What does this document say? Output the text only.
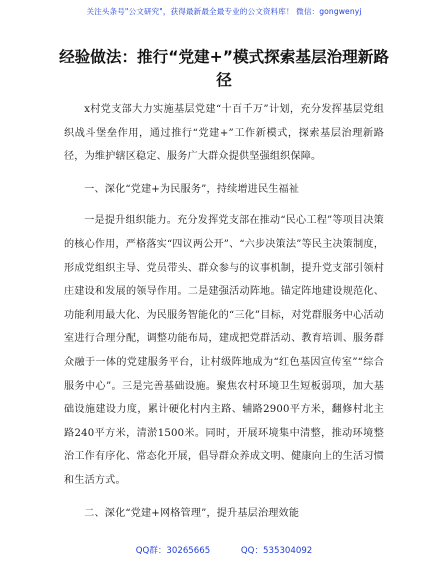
关注头条号"公文研究"，获得最新最全最专业的公文资料库！ 微信：gongwenyj
经验做法：推行“党建+”模式探索基层治理新路径

x村党支部大力实施基层党建“十百千万”计划，充分发挥基层党组织战斗堡垒作用，通过推行“党建+”工作新模式，探索基层治理新路径，为维护辖区稳定、服务广大群众提供坚强组织保障。

一、深化“党建+为民服务”，持续增进民生福祉

一是提升组织能力。充分发挥党支部在推动“民心工程”等项目决策的核心作用，严格落实“四议两公开”、“六步决策法”等民主决策制度，形成党组织主导、党员带头、群众参与的议事机制，提升党支部引领村庄建设和发展的领导作用。二是建强活动阵地。锚定阵地建设规范化、功能利用最大化、为民服务智能化的“三化”目标，对党群服务中心活动室进行合理分配，调整功能布局，建成把党群活动、教育培训、服务群众融于一体的党建服务平台，让村级阵地成为“红色基因宣传室”“综合服务中心”。三是完善基础设施。聚焦农村环境卫生短板弱项，加大基础设施建设力度，累计硬化村内主路、辅路2900平方米，翻修村北主路240平方米，清淤1500米。同时，开展环境集中清整，推动环境整治工作有序化、常态化开展，倡导群众养成文明、健康向上的生活习惯和生活方式。

二、深化“党建+网格管理”，提升基层治理效能

QQ群：30265665	QQ：535304092
